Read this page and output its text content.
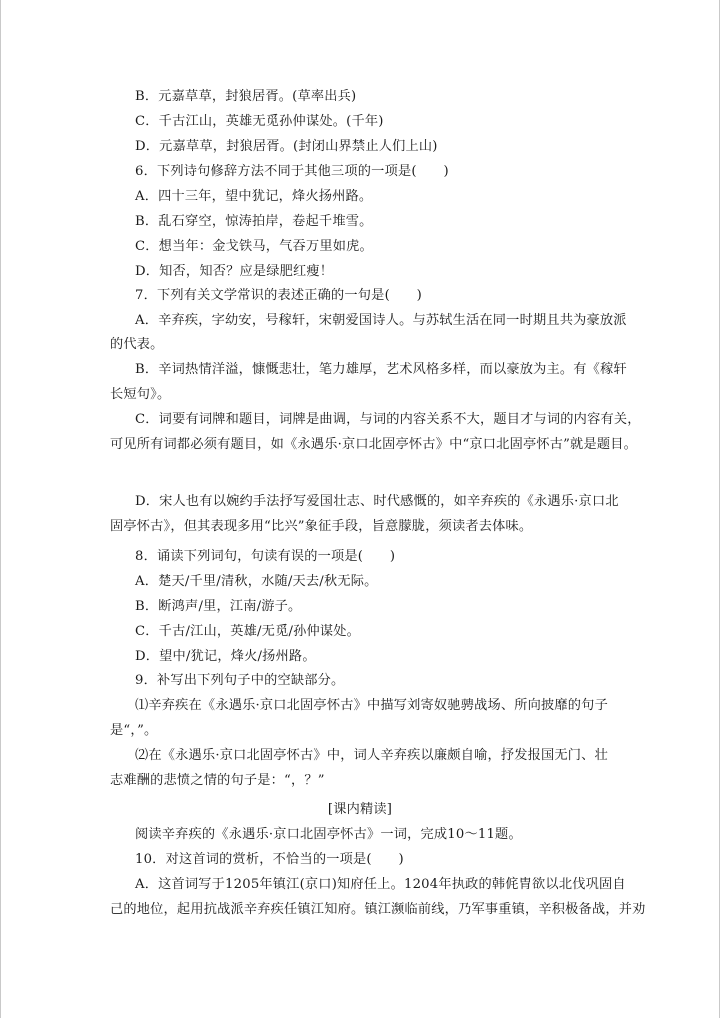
B．元嘉草草，封狼居胥。(草率出兵)
C．千古江山，英雄无觅孙仲谋处。(千年)
D．元嘉草草，封狼居胥。(封闭山界禁止人们上山)
6．下列诗句修辞方法不同于其他三项的一项是(　　)
A．四十三年，望中犹记，烽火扬州路。
B．乱石穿空，惊涛拍岸，卷起千堆雪。
C．想当年：金戈铁马，气吞万里如虎。
D．知否，知否？应是绿肥红瘦！
7．下列有关文学常识的表述正确的一句是(　　)
A．辛弃疾，字幼安，号稼轩，宋朝爱国诗人。与苏轼生活在同一时期且共为豪放派
的代表。
B．辛词热情洋溢，慷慨悲壮，笔力雄厚，艺术风格多样，而以豪放为主。有《稼轩
长短句》。
C．词要有词牌和题目，词牌是曲调，与词的内容关系不大，题目才与词的内容有关，
可见所有词都必须有题目，如《永遇乐·京口北固亭怀古》中“京口北固亭怀古”就是题目。
D．宋人也有以婉约手法抒写爱国壮志、时代感慨的，如辛弃疾的《永遇乐·京口北
固亭怀古》，但其表现多用“比兴”象征手段，旨意朦胧，须读者去体味。
8．诵读下列词句，句读有误的一项是(　　)
A．楚天/千里/清秋，水随/天去/秋无际。
B．断鸿声/里，江南/游子。
C．千古/江山，英雄/无觅/孙仲谋处。
D．望中/犹记，烽火/扬州路。
9．补写出下列句子中的空缺部分。
⑴辛弃疾在《永遇乐·京口北固亭怀古》中描写刘寄奴驰骋战场、所向披靡的句子
是“，”。
⑵在《永遇乐·京口北固亭怀古》中，词人辛弃疾以廉颇自喻，抒发报国无门、壮
志难酬的悲愤之情的句子是：“，？”
[课内精读]
阅读辛弃疾的《永遇乐·京口北固亭怀古》一词，完成10～11题。
10．对这首词的赏析，不恰当的一项是(　　)
A．这首词写于1205年镇江(京口)知府任上。1204年执政的韩侂胄欲以北伐巩固自
己的地位，起用抗战派辛弃疾任镇江知府。镇江濒临前线，乃军事重镇，辛积极备战，并劝
